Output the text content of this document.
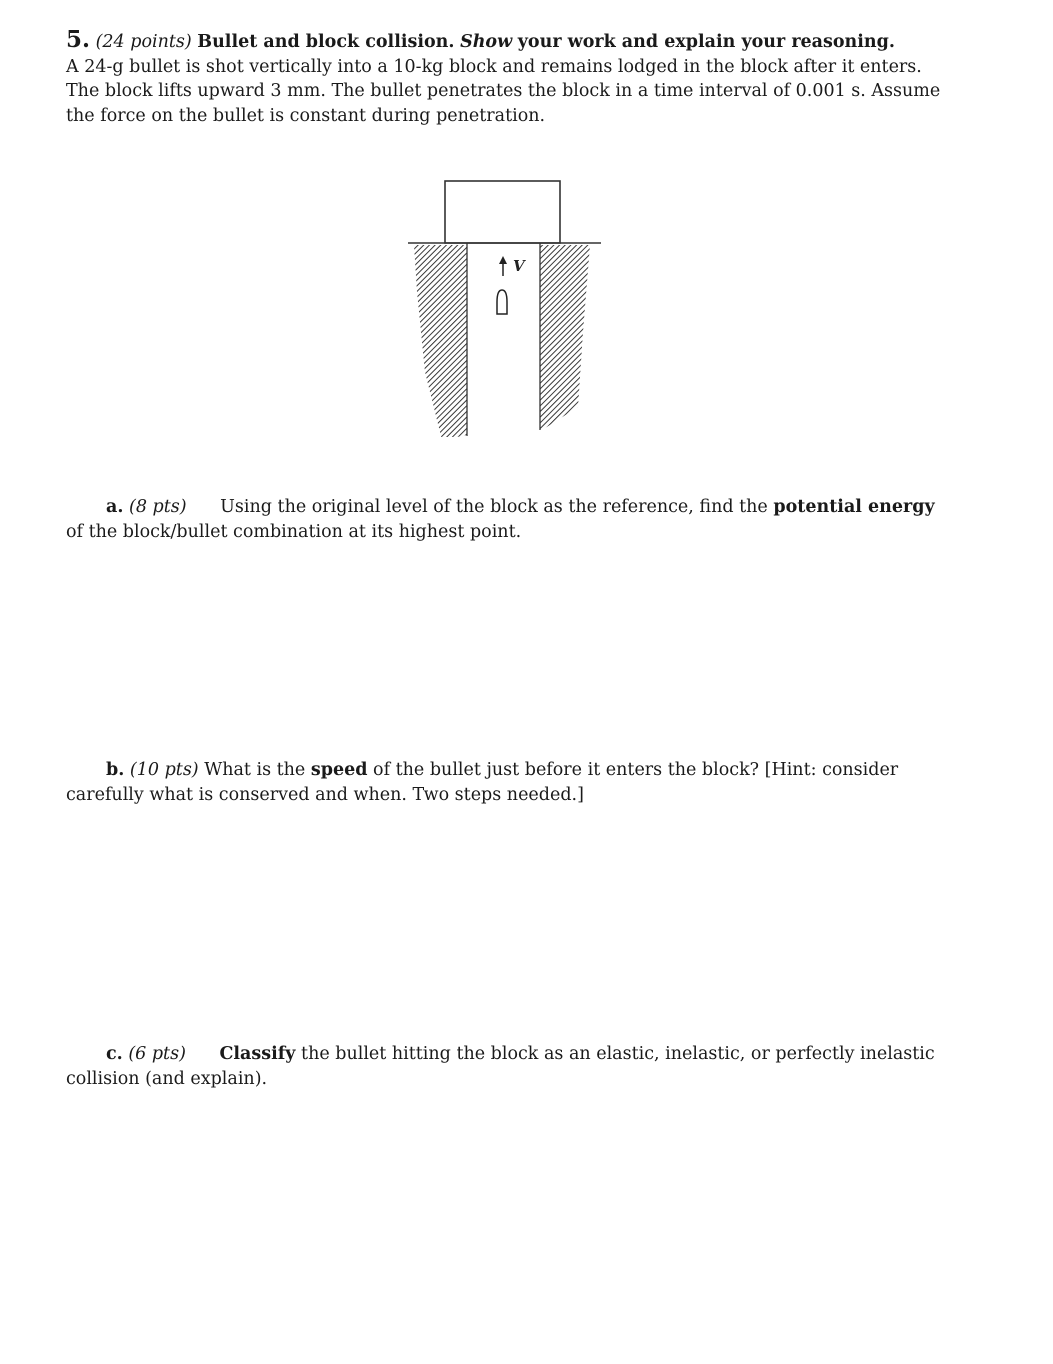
5. (24 points) Bullet and block collision. Show your work and explain your reasoning.
A 24-g bullet is shot vertically into a 10-kg block and remains lodged in the block after it enters. The block lifts upward 3 mm. The bullet penetrates the block in a time interval of 0.001 s. Assume the force on the bullet is constant during penetration.
V
a. (8 pts) Using the original level of the block as the reference, find the potential energy of the block/bullet combination at its highest point.
b. (10 pts) What is the speed of the bullet just before it enters the block? [Hint: consider carefully what is conserved and when. Two steps needed.]
c. (6 pts) Classify the bullet hitting the block as an elastic, inelastic, or perfectly inelastic collision (and explain).
